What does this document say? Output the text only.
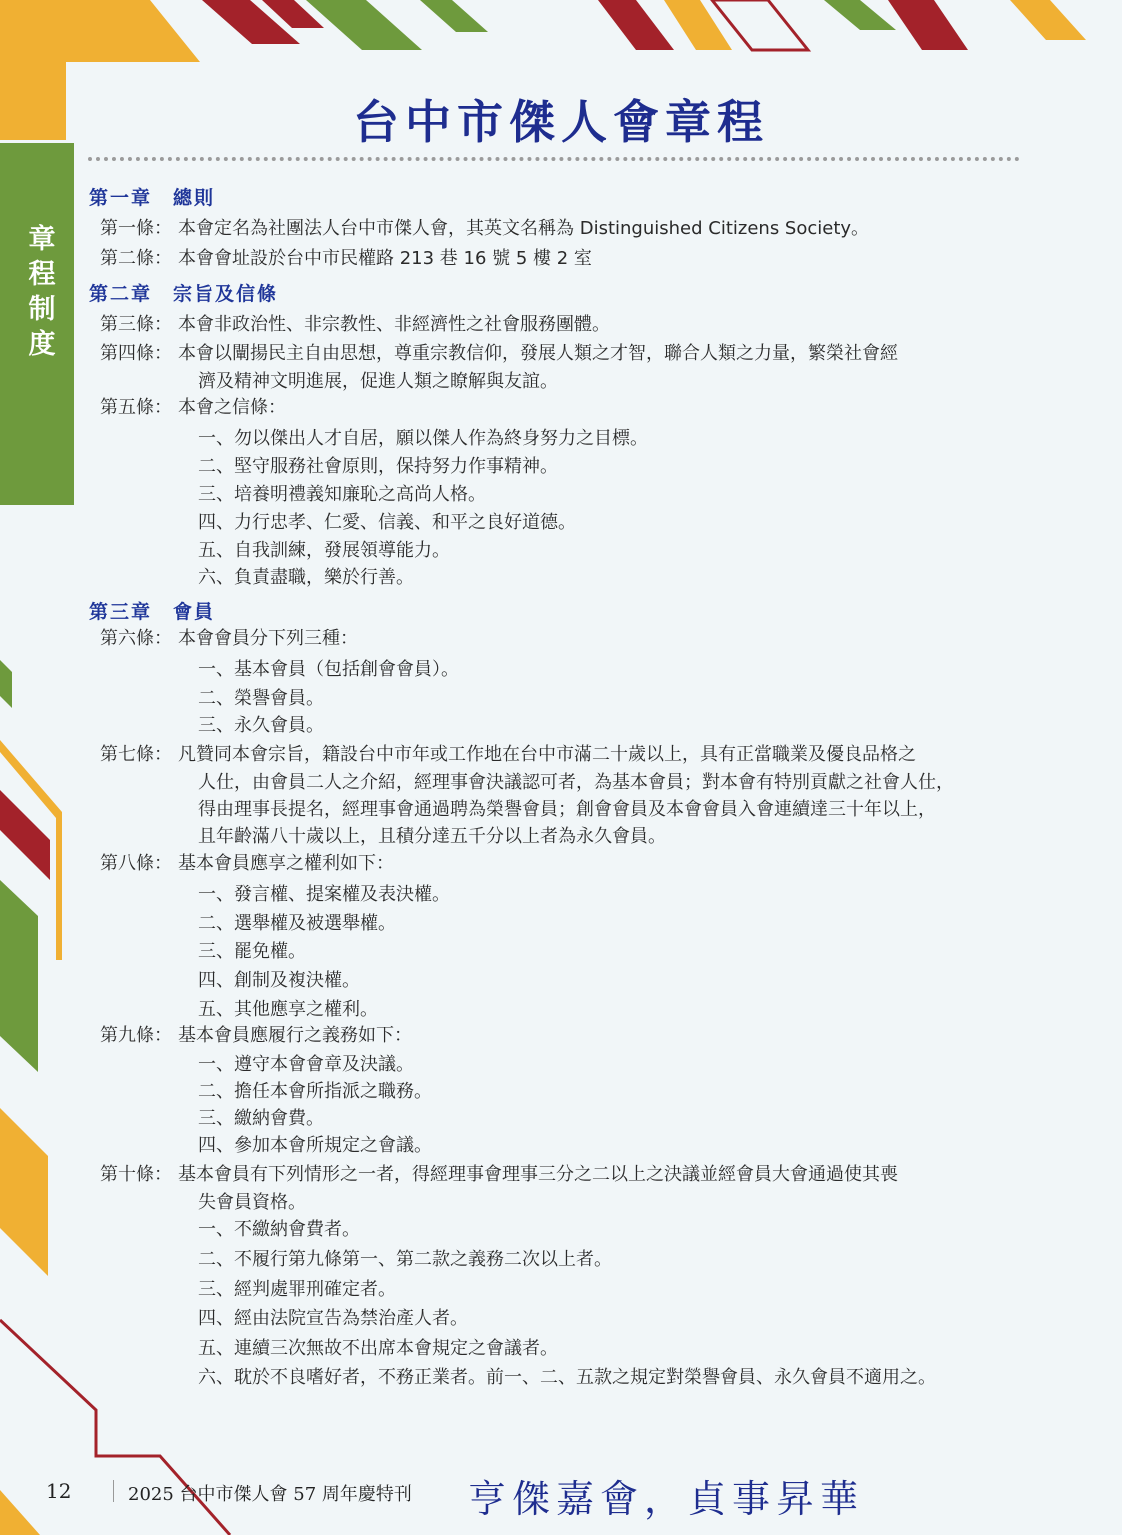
章程制度
台中市傑人會章程
第一章　總則
第一條： 本會定名為社團法人台中市傑人會，其英文名稱為 Distinguished Citizens Society。
第二條： 本會會址設於台中市民權路 213 巷 16 號 5 樓 2 室
第二章　宗旨及信條
第三條： 本會非政治性、非宗教性、非經濟性之社會服務團體。
第四條： 本會以闡揚民主自由思想，尊重宗教信仰，發展人類之才智，聯合人類之力量，繁榮社會經
濟及精神文明進展，促進人類之瞭解與友誼。
第五條： 本會之信條：
一、勿以傑出人才自居，願以傑人作為終身努力之目標。
二、堅守服務社會原則，保持努力作事精神。
三、培養明禮義知廉恥之高尚人格。
四、力行忠孝、仁愛、信義、和平之良好道德。
五、自我訓練，發展領導能力。
六、負責盡職，樂於行善。
第三章　會員
第六條： 本會會員分下列三種：
一、基本會員（包括創會會員）。
二、榮譽會員。
三、永久會員。
第七條： 凡贊同本會宗旨，籍設台中市年或工作地在台中市滿二十歲以上，具有正當職業及優良品格之
人仕，由會員二人之介紹，經理事會決議認可者，為基本會員；對本會有特別貢獻之社會人仕，
得由理事長提名，經理事會通過聘為榮譽會員；創會會員及本會會員入會連續達三十年以上，
且年齡滿八十歲以上，且積分達五千分以上者為永久會員。
第八條： 基本會員應享之權利如下：
一、發言權、提案權及表決權。
二、選舉權及被選舉權。
三、罷免權。
四、創制及複決權。
五、其他應享之權利。
第九條： 基本會員應履行之義務如下：
一、遵守本會會章及決議。
二、擔任本會所指派之職務。
三、繳納會費。
四、參加本會所規定之會議。
第十條： 基本會員有下列情形之一者，得經理事會理事三分之二以上之決議並經會員大會通過使其喪
失會員資格。
一、不繳納會費者。
二、不履行第九條第一、第二款之義務二次以上者。
三、經判處罪刑確定者。
四、經由法院宣告為禁治產人者。
五、連續三次無故不出席本會規定之會議者。
六、耽於不良嗜好者，不務正業者。前一、二、五款之規定對榮譽會員、永久會員不適用之。
12	2025 台中市傑人會 57 周年慶特刊 亨傑嘉會，貞事昇華
